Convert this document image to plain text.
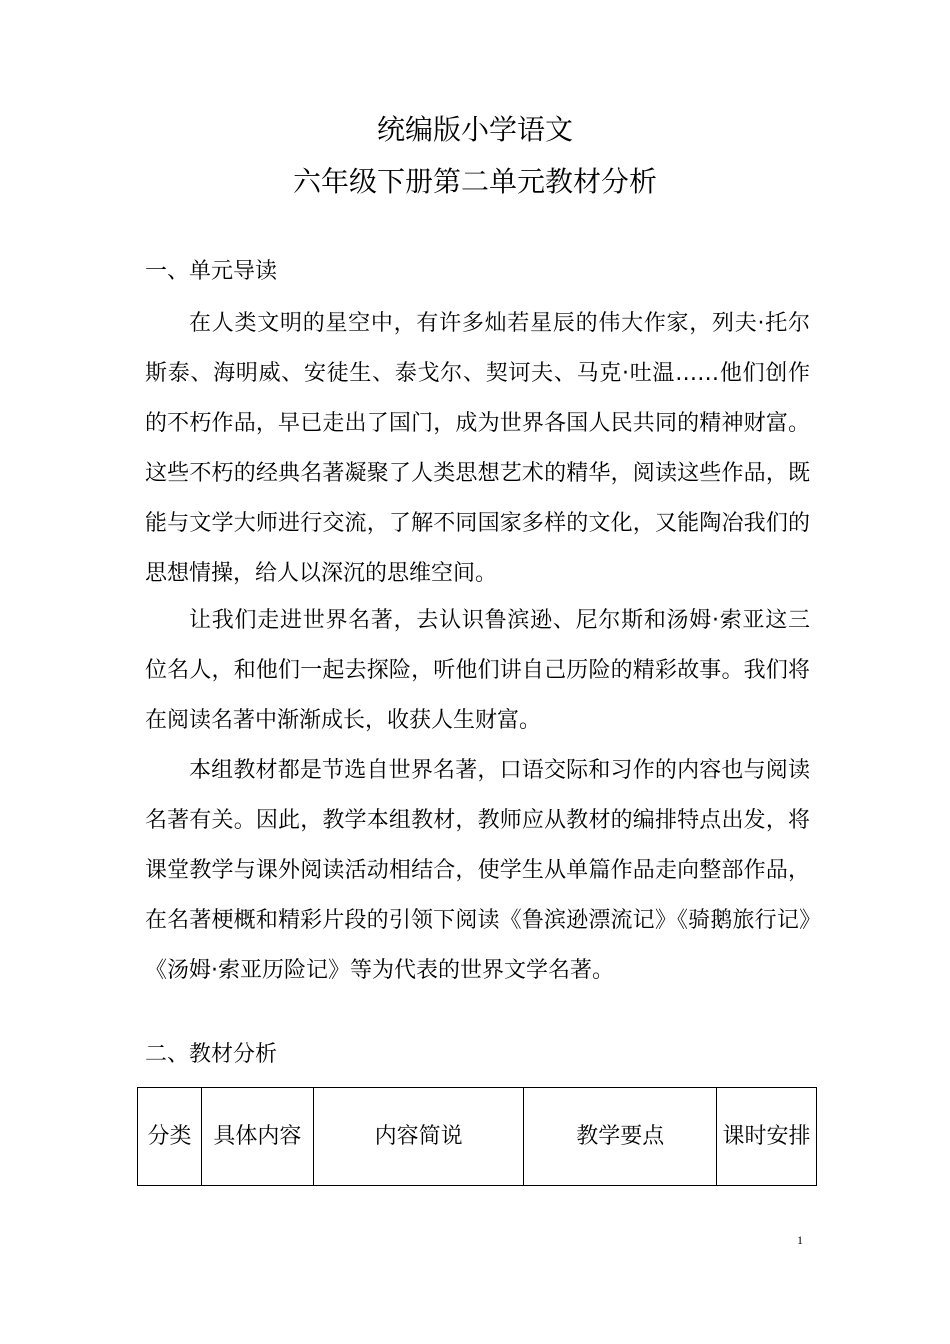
统编版小学语文
六年级下册第二单元教材分析
一、单元导读

在人类文明的星空中，有许多灿若星辰的伟大作家，列夫·托尔斯泰、海明威、安徒生、泰戈尔、契诃夫、马克·吐温……他们创作的不朽作品，早已走出了国门，成为世界各国人民共同的精神财富。这些不朽的经典名著凝聚了人类思想艺术的精华，阅读这些作品，既能与文学大师进行交流，了解不同国家多样的文化，又能陶冶我们的思想情操，给人以深沉的思维空间。

让我们走进世界名著，去认识鲁滨逊、尼尔斯和汤姆·索亚这三位名人，和他们一起去探险，听他们讲自己历险的精彩故事。我们将在阅读名著中渐渐成长，收获人生财富。

本组教材都是节选自世界名著，口语交际和习作的内容也与阅读名著有关。因此，教学本组教材，教师应从教材的编排特点出发，将课堂教学与课外阅读活动相结合，使学生从单篇作品走向整部作品，在名著梗概和精彩片段的引领下阅读《鲁滨逊漂流记》《骑鹅旅行记》《汤姆·索亚历险记》等为代表的世界文学名著。

二、教材分析
分类	具体内容	内容简说	教学要点	课时安排
1
